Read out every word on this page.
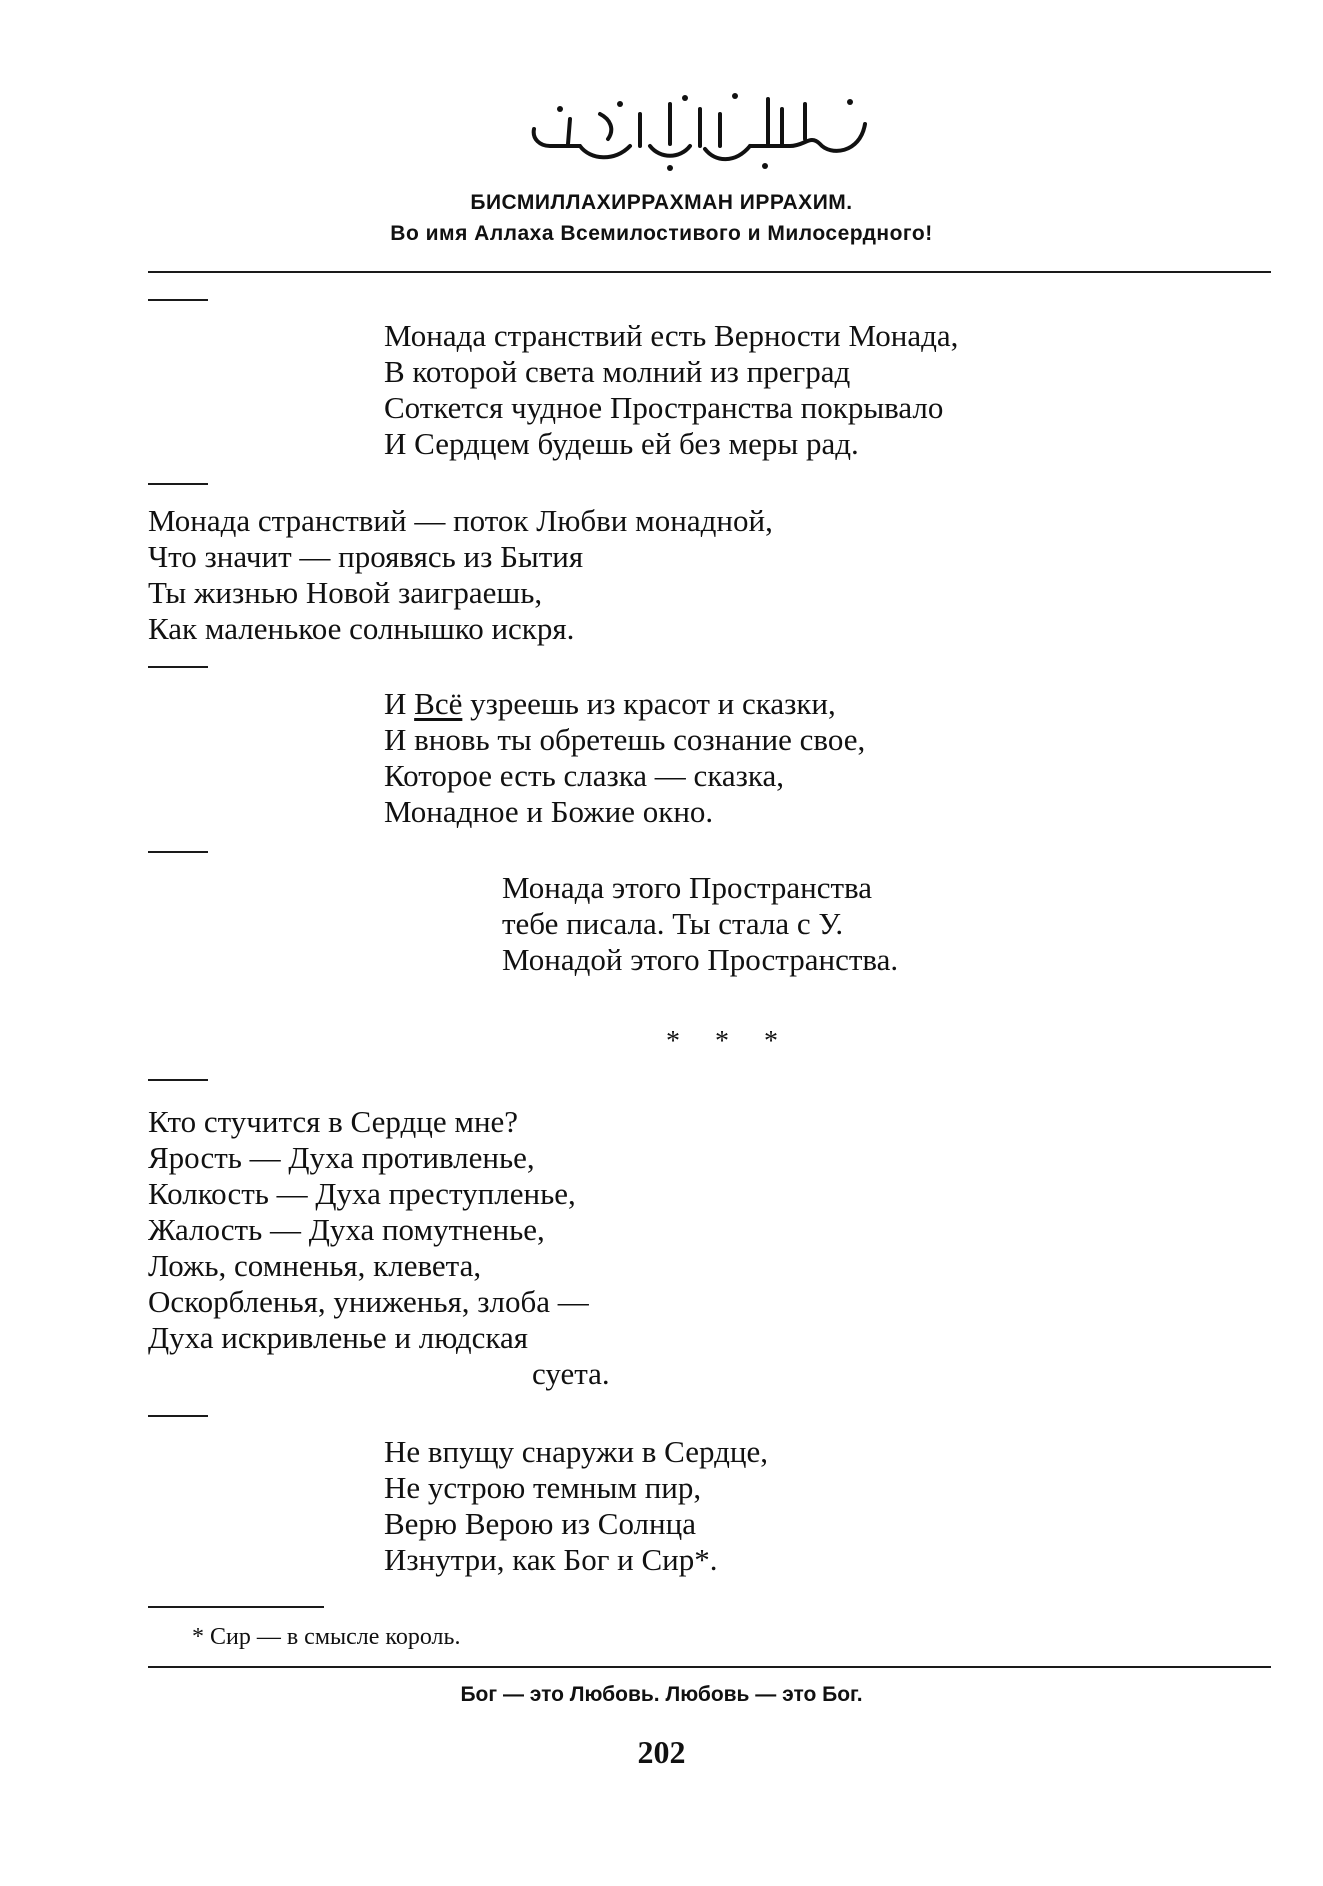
БИСМИЛЛАХИРРАХМАН ИРРАХИМ.
Во имя Аллаха Всемилостивого и Милосердного!
Монада странствий есть Верности Монада,
В которой света молний из преград
Соткется чудное Пространства покрывало
И Сердцем будешь ей без меры рад.
Монада странствий — поток Любви монадной,
Что значит — проявясь из Бытия
Ты жизнью Новой заиграешь,
Как маленькое солнышко искря.
И Всё узреешь из красот и сказки,
И вновь ты обретешь сознание свое,
Которое есть слазка — сказка,
Монадное и Божие окно.
Монада этого Пространства
тебе писала. Ты стала с У.
Монадой этого Пространства.
* * *
Кто стучится в Сердце мне?
Ярость — Духа противленье,
Колкость — Духа преступленье,
Жалость — Духа помутненье,
Ложь, сомненья, клевета,
Оскорбленья, униженья, злоба —
Духа искривленье и людская
суета.
Не впущу снаружи в Сердце,
Не устрою темным пир,
Верю Верою из Солнца
Изнутри, как Бог и Сир*.
* Сир — в смысле король.
Бог — это Любовь. Любовь — это Бог.
202
